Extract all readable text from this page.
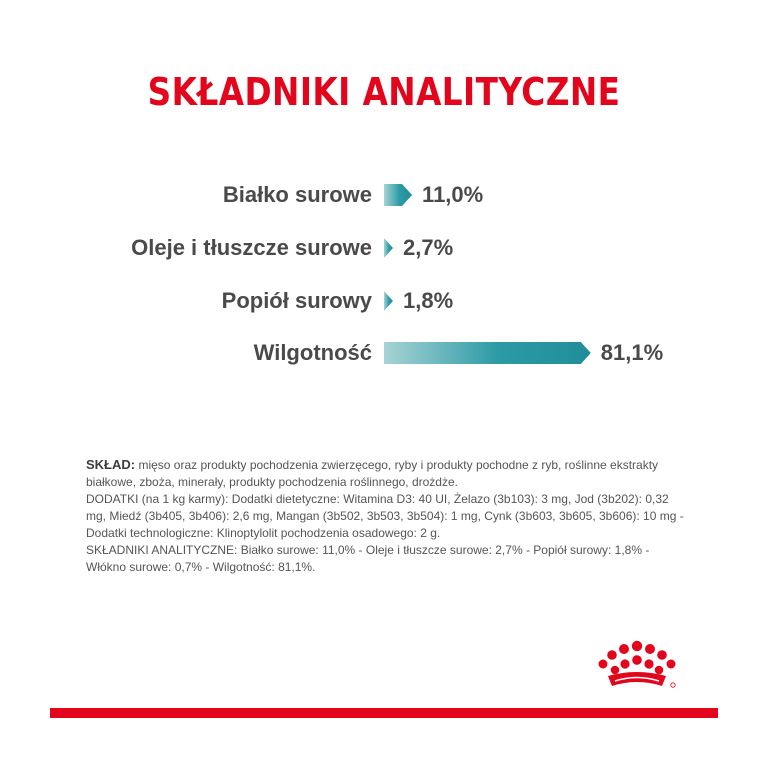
SKŁADNIKI ANALITYCZNE
Białko surowe 11,0%
Oleje i tłuszcze surowe 2,7%
Popiół surowy 1,8%
Wilgotność	81,1%

SKŁAD: mięso oraz produkty pochodzenia zwierzęcego, ryby i produkty pochodne z ryb, roślinne ekstrakty białkowe, zboża, minerały, produkty pochodzenia roślinnego, drożdże.

DODATKI (na 1 kg karmy): Dodatki dietetyczne: Witamina D3: 40 UI, Żelazo (3b103): 3 mg, Jod (3b202): 0,32 mg, Miedź (3b405, 3b406): 2,6 mg, Mangan (3b502, 3b503, 3b504): 1 mg, Cynk (3b603, 3b605, 3b606): 10 mg - Dodatki technologiczne: Klinoptylolit pochodzenia osadowego: 2 g.

SKŁADNIKI ANALITYCZNE: Białko surowe: 11,0% - Oleje i tłuszcze surowe: 2,7% - Popiół surowy: 1,8% - Włókno surowe: 0,7% - Wilgotność: 81,1%.
